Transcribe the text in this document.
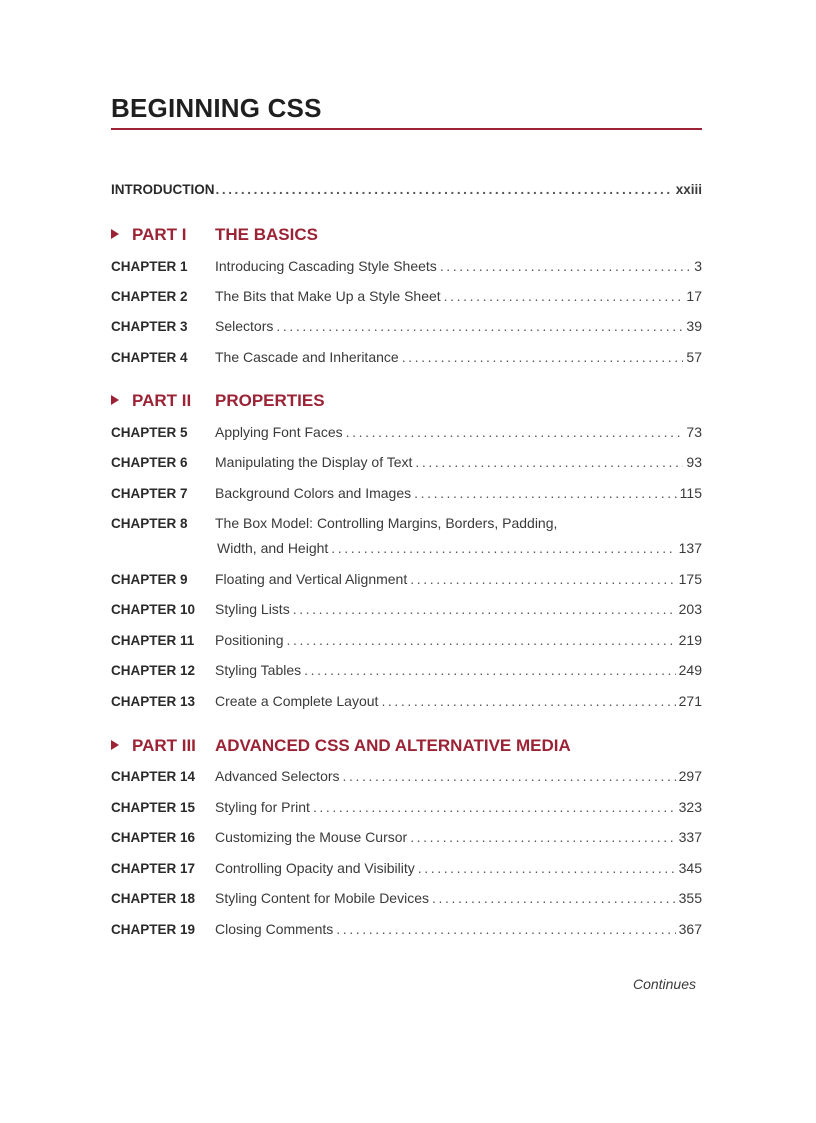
BEGINNING CSS
INTRODUCTION .....	xxiii
PART I THE BASICS
CHAPTER 1	Introducing Cascading Style Sheets .....	3
CHAPTER 2	The Bits that Make Up a Style Sheet .....	17
CHAPTER 3	Selectors .....	39
CHAPTER 4	The Cascade and Inheritance .....	57
PART II PROPERTIES
CHAPTER 5	Applying Font Faces .....	73
CHAPTER 6	Manipulating the Display of Text .....	93
CHAPTER 7	Background Colors and Images .....	115
CHAPTER 8	The Box Model: Controlling Margins, Borders, Padding,
Width, and Height .....	137
CHAPTER 9	Floating and Vertical Alignment .....	175
CHAPTER 10	Styling Lists .....	203
CHAPTER 11	Positioning .....	219
CHAPTER 12	Styling Tables .....	249
CHAPTER 13	Create a Complete Layout .....	271
PART III ADVANCED CSS AND ALTERNATIVE MEDIA
CHAPTER 14	Advanced Selectors .....	297
CHAPTER 15	Styling for Print .....	323
CHAPTER 16	Customizing the Mouse Cursor .....	337
CHAPTER 17	Controlling Opacity and Visibility .....	345
CHAPTER 18	Styling Content for Mobile Devices .....	355
CHAPTER 19	Closing Comments .....	367
Continues
